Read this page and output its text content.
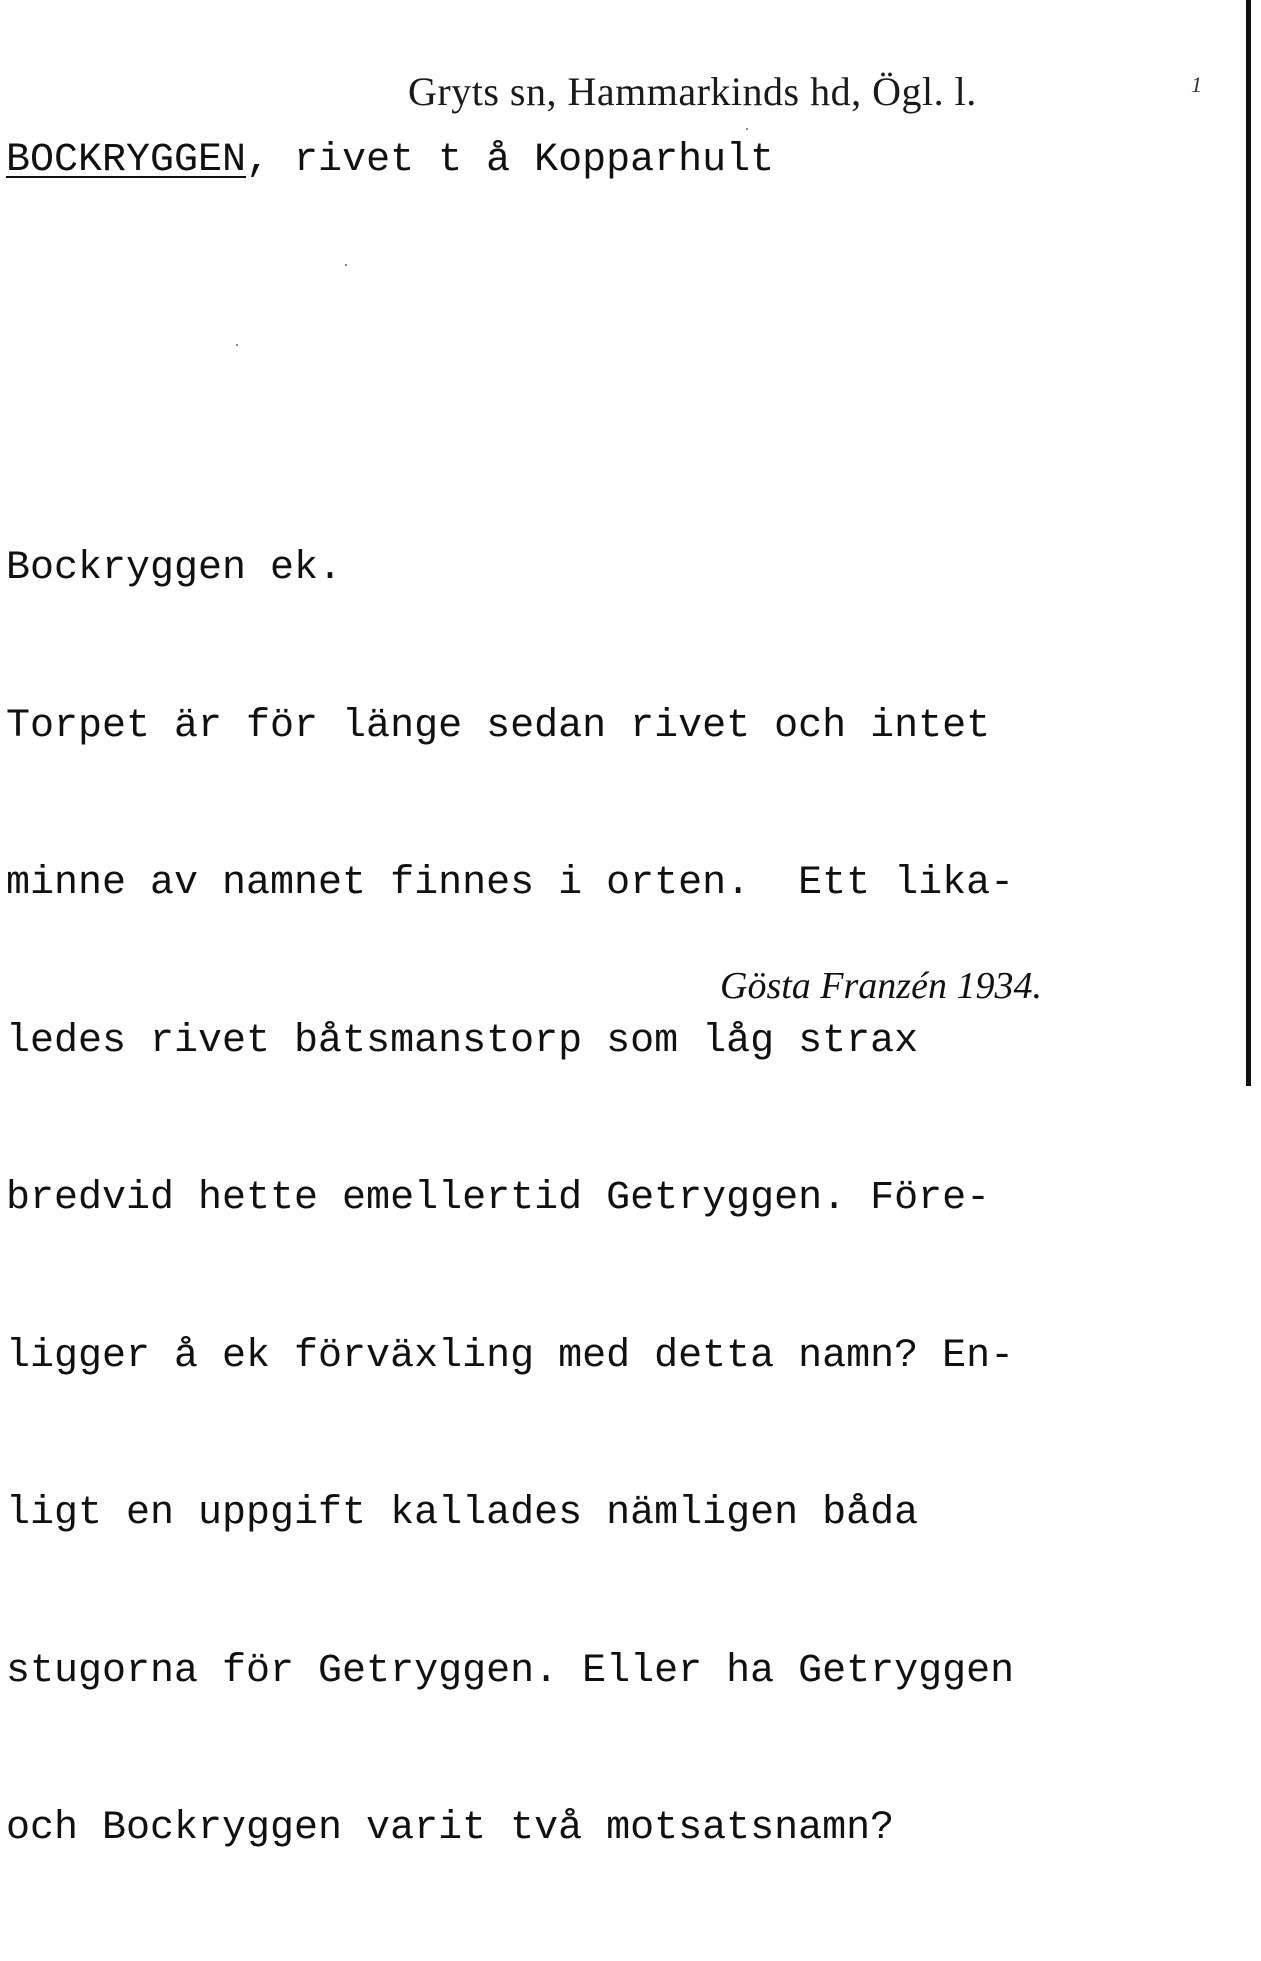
Gryts sn, Hammarkinds hd, Ögl. l.	1
BOCKRYGGEN, rivet t å Kopparhult

Bockryggen ek.

Torpet är för länge sedan rivet och intet

minne av namnet finnes i orten.  Ett lika-

ledes rivet båtsmanstorp som låg strax

bredvid hette emellertid Getryggen. Före-

ligger å ek förväxling med detta namn? En-

ligt en uppgift kallades nämligen båda

stugorna för Getryggen. Eller ha Getryggen

och Bockryggen varit två motsatsnamn?

Gösta Franzén 1934.
